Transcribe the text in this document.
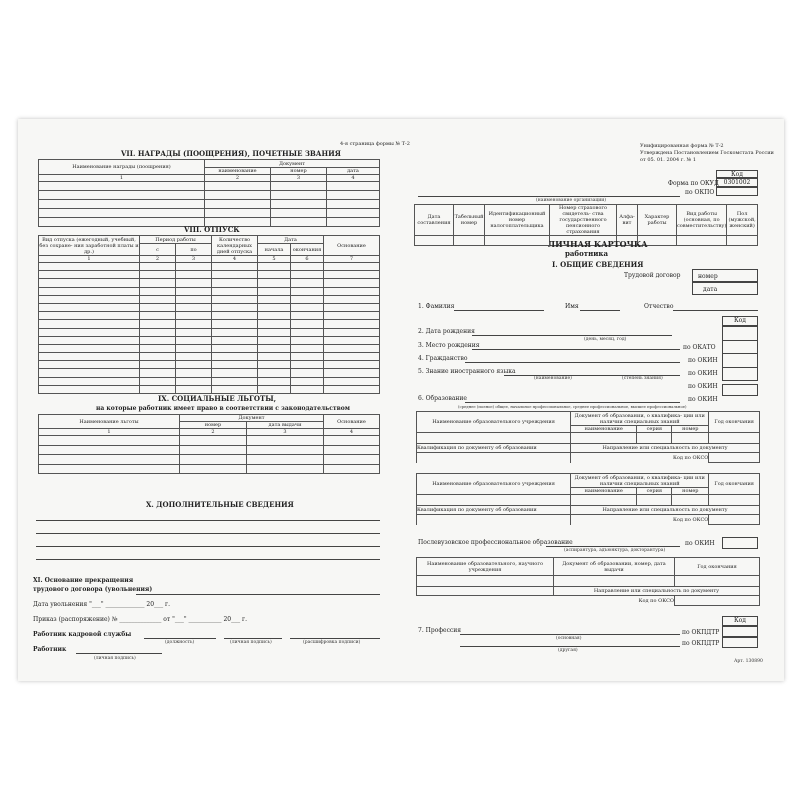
4-я страница формы № Т-2
VII. НАГРАДЫ (ПООЩРЕНИЯ), ПОЧЕТНЫЕ ЗВАНИЯ
Наименование награды (поощрения)	Документ		
	наименование	номер	дата
1	2	3	4

VIII. ОТПУСК
Вид отпуска (ежегодный, учебный, без сохране- ния заработной платы и др.)	Период работы		Количество календарных дней отпуска	Дата		Основание
	с	по		начала	окончания	
1	2	3	4	5	6	7

IX. СОЦИАЛЬНЫЕ ЛЬГОТЫ,
на которые работник имеет право в соответствии с законодательством
Наименование льготы	Документ		Основание
	номер	дата выдачи	
1	2	3	4

X. ДОПОЛНИТЕЛЬНЫЕ СВЕДЕНИЯ
XI. Основание прекращения
трудового договора (увольнения)
Дата увольнения "___" _____________ 20___ г.
Приказ (распоряжение) № ______________ от "___" ___________ 20___ г.
Работник кадровой службы
(должность)	(личная подпись)	(расшифровка подписи)
Работник
(личная подпись)
Унифицированная форма № Т-2
Утверждена Постановлением Госкомстата России
от 05. 01. 2004 г. № 1
Код
0301002
Форма по ОКУД
по ОКПО
(наименование организации)
Дата составления	Табельный номер	Идентификационный номер налогоплательщика	Номер страхового свидетель- ства государственного пенсионного страхования	Алфа- вит	Характер работы	Вид работы (основная, по совместительству)	Пол (мужской, женский)

ЛИЧНАЯ КАРТОЧКА
работника
I. ОБЩИЕ СВЕДЕНИЯ
Трудовой договор	номер
дата
1. Фамилия	Имя	Отчество
Код
2. Дата рождения
(день, месяц, год)
3. Место рождения	по ОКАТО
4. Гражданство	по ОКИН
5. Знание иностранного языка
(наименование)	(степень знания)
по ОКИН
по ОКИН
6. Образование	по ОКИН
(среднее (полное) общее, начальное профессиональное, среднее профессиональное, высшее профессиональное)
Наименование образовательного учреждения	Документ об образовании, о квалифика- ции или наличии специальных знаний			Год окончания
	наименование	серия	номер	

Квалификация по документу об образовании	Направление или специальность по документу			
	Код по ОКСО			
Наименование образовательного учреждения	Документ об образовании, о квалифика- ции или наличии специальных знаний			Год окончания
	наименование	серия	номер	

Квалификация по документу об образовании	Направление или специальность по документу			
	Код по ОКСО			
Послевузовское профессиональное образование
(аспирантура, адъюнктура, докторантура)
по ОКИН
Наименование образовательного, научного учреждения	Документ об образовании, номер, дата выдачи	Год окончания

	Направление или специальность по документу	
	Код по ОКСО	
Код
7. Профессия
(основная)
по ОКПДТР
(другая)
по ОКПДТР
Арт. 130890
